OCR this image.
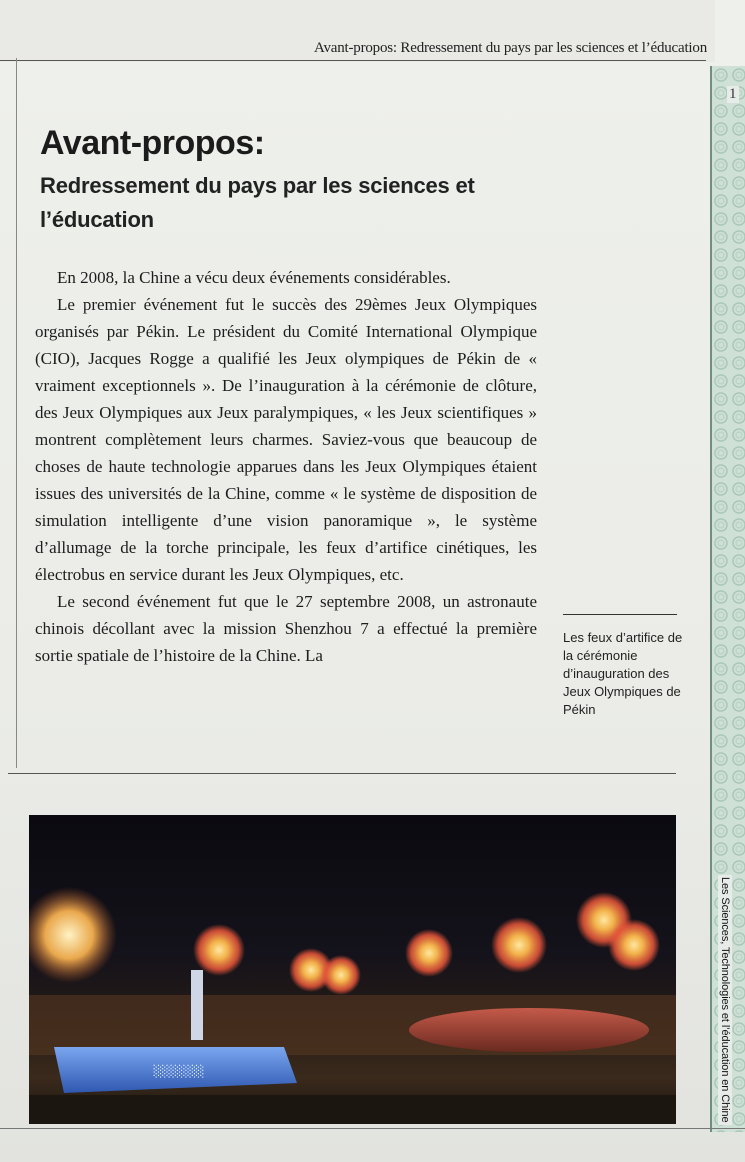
Avant-propos: Redressement du pays par les sciences et l’éducation
1
Les Sciences, Technologies et l’éducation en Chine
Avant-propos:
Redressement du pays par les sciences et l’éducation

En 2008, la Chine a vécu deux événements considérables.

Le premier événement fut le succès des 29èmes Jeux Olympiques organisés par Pékin. Le président du Comité International Olympique (CIO), Jacques Rogge a qualifié les Jeux olympiques de Pékin de « vraiment exceptionnels ». De l’inauguration à la cérémonie de clôture, des Jeux Olympiques aux Jeux paralympiques, « les Jeux scientifiques » montrent complètement leurs charmes. Saviez-vous que beaucoup de choses de haute technologie apparues dans les Jeux Olympiques étaient issues des universités de la Chine, comme « le système de disposition de simulation intelligente d’une vision panoramique », le système d’allumage de la torche principale, les feux d’artifice cinétiques, les électrobus en service durant les Jeux Olympiques, etc.

Le second événement fut que le 27 septembre 2008, un astronaute chinois décollant avec la mission Shenzhou 7 a effectué la première sortie spatiale de l’histoire de la Chine. La

Les feux d’artifice de la cérémonie d’inauguration des Jeux Olympiques de Pékin
░░░░░░
